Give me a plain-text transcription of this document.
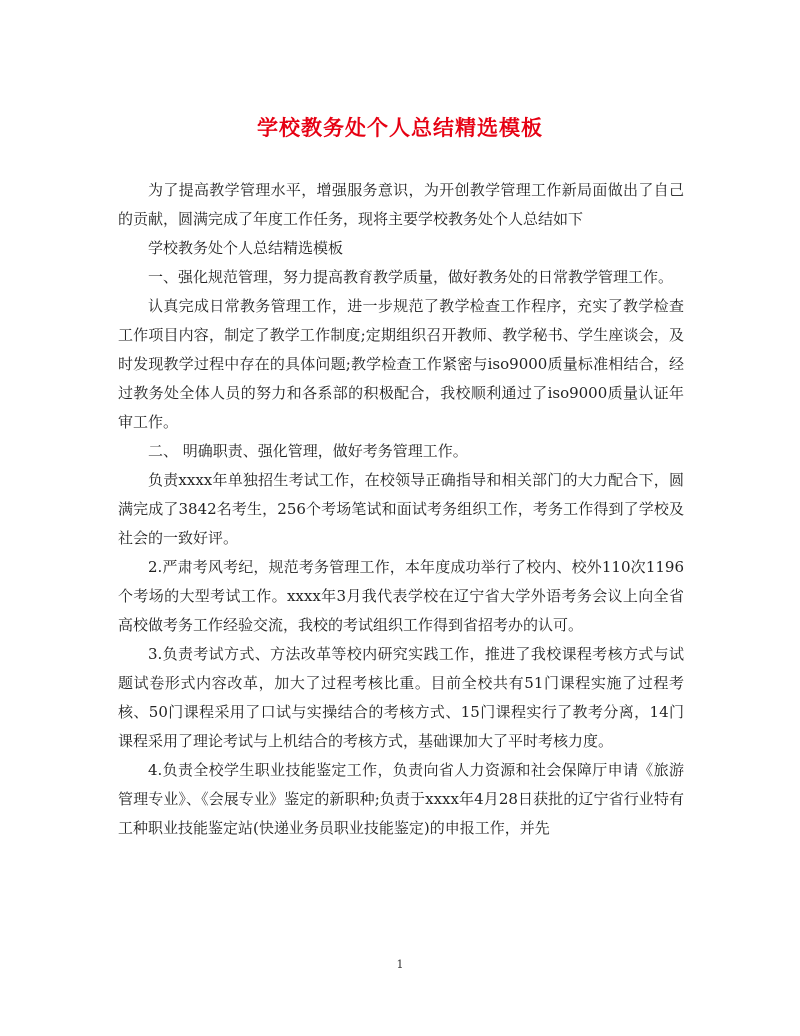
学校教务处个人总结精选模板

为了提高教学管理水平，增强服务意识，为开创教学管理工作新局面做出了自己的贡献，圆满完成了年度工作任务，现将主要学校教务处个人总结如下

学校教务处个人总结精选模板

一、强化规范管理，努力提高教育教学质量，做好教务处的日常教学管理工作。

认真完成日常教务管理工作，进一步规范了教学检查工作程序，充实了教学检查工作项目内容，制定了教学工作制度;定期组织召开教师、教学秘书、学生座谈会，及时发现教学过程中存在的具体问题;教学检查工作紧密与iso9000质量标准相结合，经过教务处全体人员的努力和各系部的积极配合，我校顺利通过了iso9000质量认证年审工作。

二、 明确职责、强化管理，做好考务管理工作。

负责xxxx年单独招生考试工作，在校领导正确指导和相关部门的大力配合下，圆满完成了3842名考生，256个考场笔试和面试考务组织工作，考务工作得到了学校及社会的一致好评。

2.严肃考风考纪，规范考务管理工作，本年度成功举行了校内、校外110次1196个考场的大型考试工作。xxxx年3月我代表学校在辽宁省大学外语考务会议上向全省高校做考务工作经验交流，我校的考试组织工作得到省招考办的认可。

3.负责考试方式、方法改革等校内研究实践工作，推进了我校课程考核方式与试题试卷形式内容改革，加大了过程考核比重。目前全校共有51门课程实施了过程考核、50门课程采用了口试与实操结合的考核方式、15门课程实行了教考分离，14门课程采用了理论考试与上机结合的考核方式，基础课加大了平时考核力度。

4.负责全校学生职业技能鉴定工作，负责向省人力资源和社会保障厅申请《旅游管理专业》、《会展专业》鉴定的新职种;负责于xxxx年4月28日获批的辽宁省行业特有工种职业技能鉴定站(快递业务员职业技能鉴定)的申报工作，并先

1
